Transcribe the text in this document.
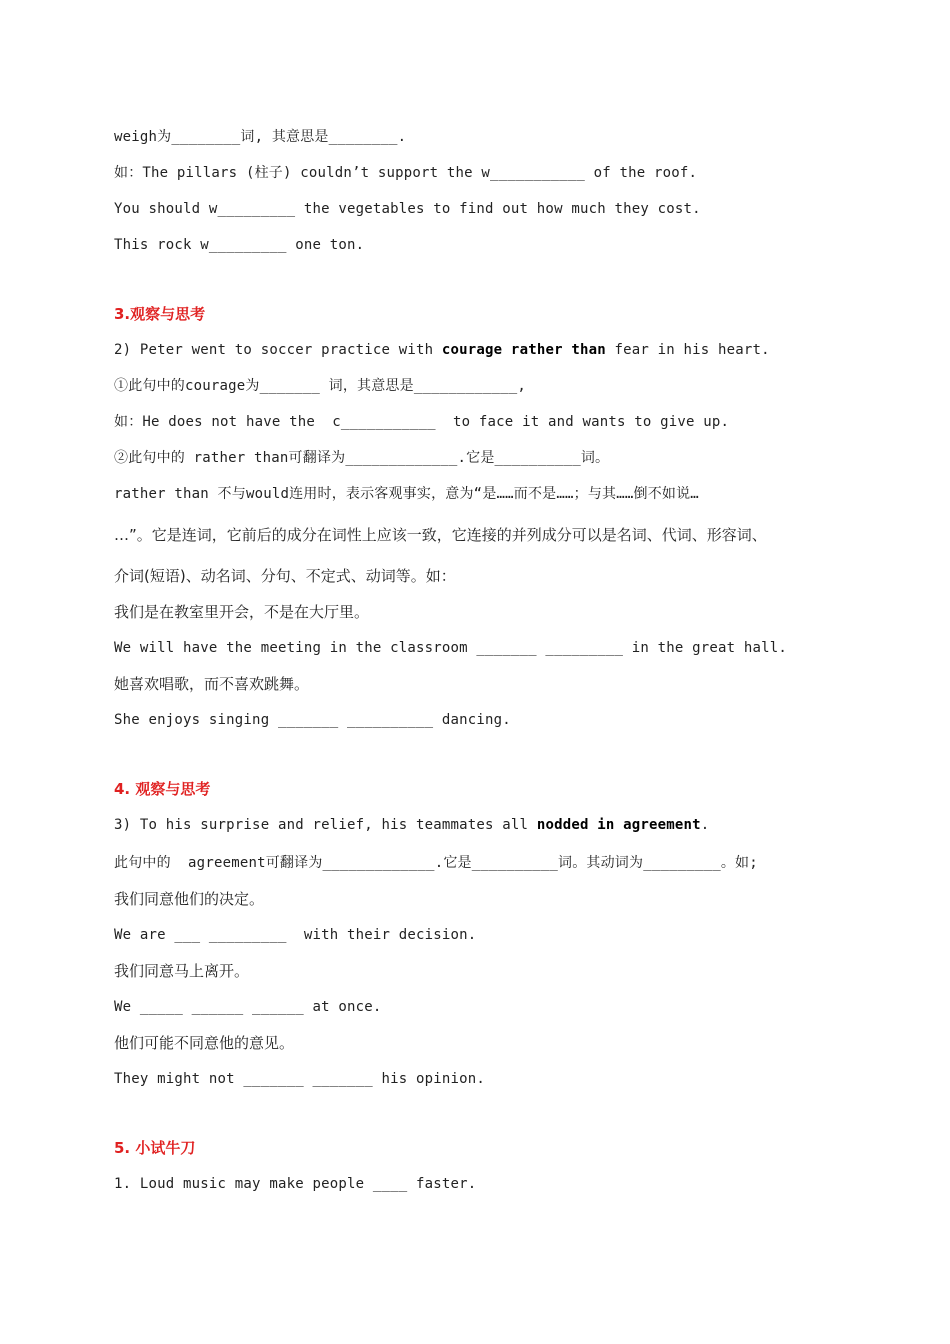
weigh为________词, 其意思是________.

如：The pillars (柱子) couldn’t support the w___________ of the roof.

You should w_________ the vegetables to find out how much they cost.

This rock w_________ one ton.

3.观察与思考

2) Peter went to soccer practice with courage rather than fear in his heart.

①此句中的courage为_______ 词，其意思是____________,

如：He does not have the  c___________  to face it and wants to give up.

②此句中的 rather than可翻译为_____________.它是__________词。

rather than 不与would连用时，表示客观事实，意为“是……而不是……；与其……倒不如说…

…”。它是连词，它前后的成分在词性上应该一致，它连接的并列成分可以是名词、代词、形容词、

介词(短语)、动名词、分句、不定式、动词等。如：

我们是在教室里开会，不是在大厅里。

We will have the meeting in the classroom _______ _________ in the great hall.

她喜欢唱歌，而不喜欢跳舞。

She enjoys singing _______ __________ dancing.

4. 观察与思考

3) To his surprise and relief, his teammates all nodded in agreement.

此句中的  agreement可翻译为_____________.它是__________词。其动词为_________。如;

我们同意他们的决定。

We are ___ _________  with their decision.

我们同意马上离开。

We _____ ______ ______ at once.

他们可能不同意他的意见。

They might not _______ _______ his opinion.

5. 小试牛刀

1. Loud music may make people ____ faster.
